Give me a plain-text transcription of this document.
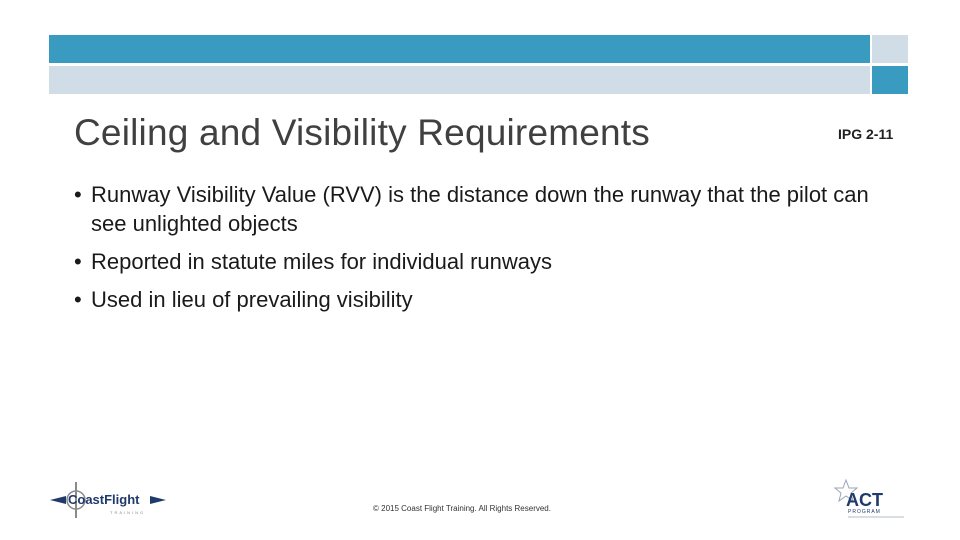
Ceiling and Visibility Requirements	IPG 2-11
• Runway Visibility Value (RVV) is the distance down the runway that the pilot can see unlighted objects
• Reported in statute miles for individual runways
• Used in lieu of prevailing visibility
CoastFlight
TRAINING	© 2015 Coast Flight Training. All Rights Reserved.	ACT
PROGRAM
